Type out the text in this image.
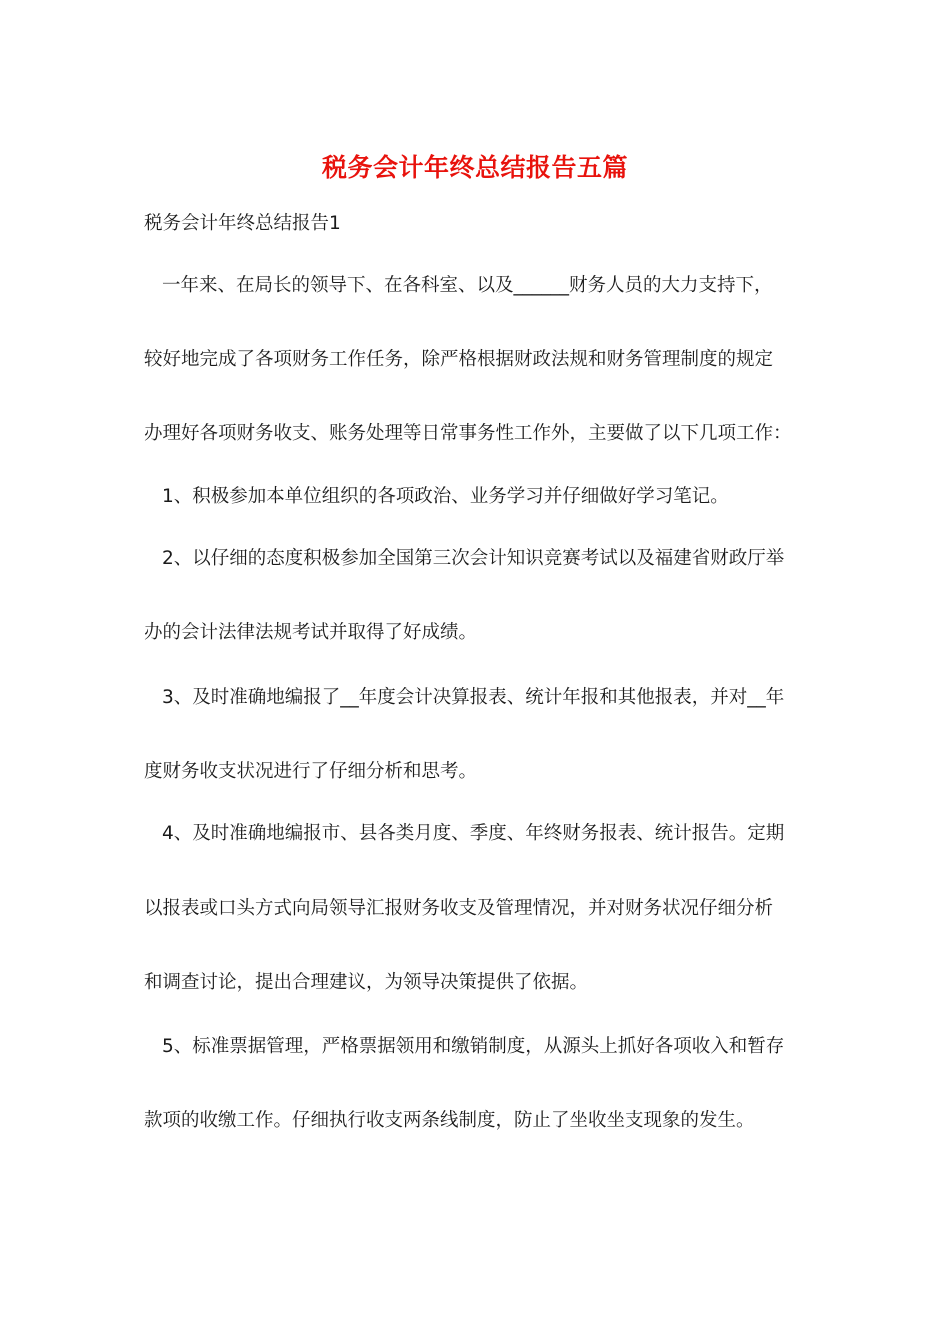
税务会计年终总结报告五篇
税务会计年终总结报告1
一年来、在局长的领导下、在各科室、以及______财务人员的大力支持下，
较好地完成了各项财务工作任务，除严格根据财政法规和财务管理制度的规定
办理好各项财务收支、账务处理等日常事务性工作外，主要做了以下几项工作：
1、积极参加本单位组织的各项政治、业务学习并仔细做好学习笔记。
2、以仔细的态度积极参加全国第三次会计知识竞赛考试以及福建省财政厅举
办的会计法律法规考试并取得了好成绩。
3、及时准确地编报了__年度会计决算报表、统计年报和其他报表，并对__年
度财务收支状况进行了仔细分析和思考。
4、及时准确地编报市、县各类月度、季度、年终财务报表、统计报告。定期
以报表或口头方式向局领导汇报财务收支及管理情况，并对财务状况仔细分析
和调查讨论，提出合理建议，为领导决策提供了依据。
5、标准票据管理，严格票据领用和缴销制度，从源头上抓好各项收入和暂存
款项的收缴工作。仔细执行收支两条线制度，防止了坐收坐支现象的发生。
